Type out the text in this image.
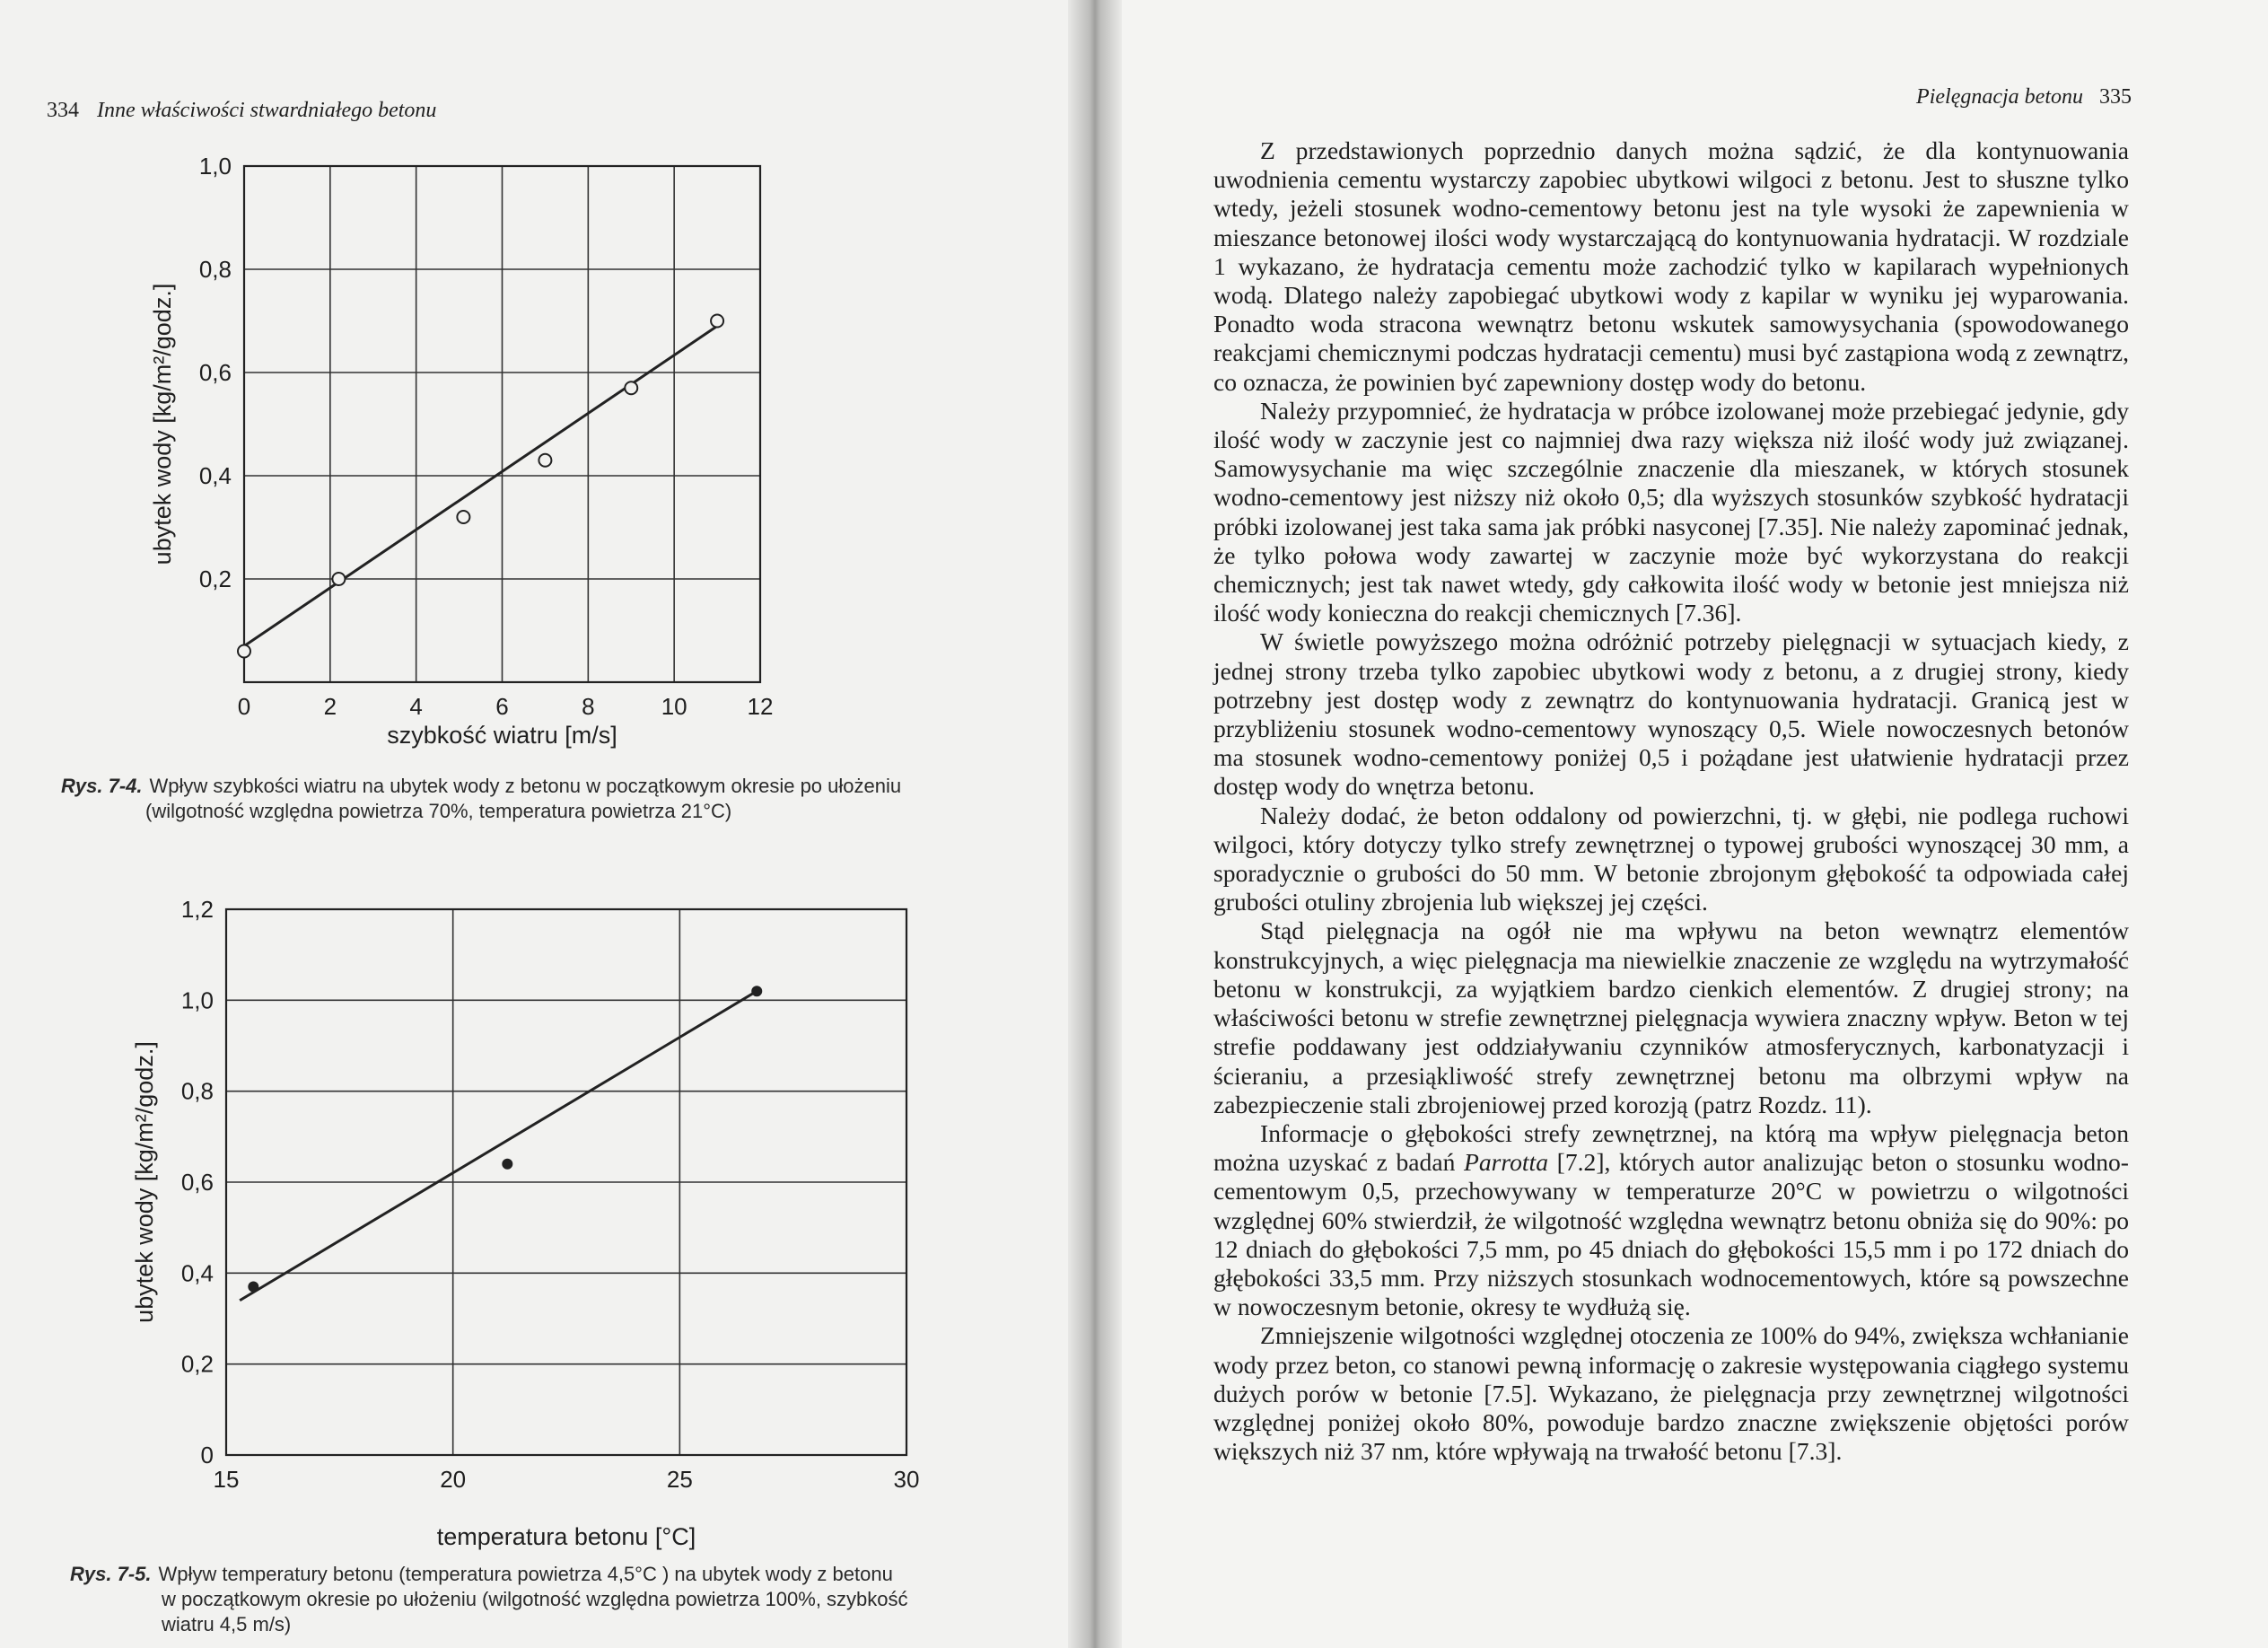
334 Inne właściwości stwardniałego betonu
Pielęgnacja betonu 335
0	2	4	6	8	10	12
0,2
0,4
0,6
0,8
1,0
szybkość wiatru [m/s]
ubytek wody [kg/m²/godz.]
Rys. 7-4. Wpływ szybkości wiatru na ubytek wody z betonu w początkowym okresie po ułożeniu
(wilgotność względna powietrza 70%, temperatura powietrza 21°C)
15	20	25	30
0
0,2
0,4
0,6
0,8
1,0
1,2
temperatura betonu [°C]
ubytek wody [kg/m²/godz.]
Rys. 7-5. Wpływ temperatury betonu (temperatura powietrza 4,5°C ) na ubytek wody z betonu
w początkowym okresie po ułożeniu (wilgotność względna powietrza 100%, szybkość
wiatru 4,5 m/s)

Z przedstawionych poprzednio danych można sądzić, że dla kontynuowania uwodnienia cementu wystarczy zapobiec ubytkowi wilgoci z betonu. Jest to słuszne tylko wtedy, jeżeli stosunek wodno-cementowy betonu jest na tyle wysoki że zapewnienia w mieszance betonowej ilości wody wystarczającą do kontynuowania hydratacji. W rozdziale 1 wykazano, że hydratacja cementu może zachodzić tylko w kapilarach wypełnionych wodą. Dlatego należy zapobiegać ubytkowi wody z kapilar w wyniku jej wyparowania. Ponadto woda stracona wewnątrz betonu wskutek samowysychania (spowodowanego reakcjami chemicznymi podczas hydratacji cementu) musi być zastąpiona wodą z zewnątrz, co oznacza, że powinien być zapewniony dostęp wody do betonu.

Należy przypomnieć, że hydratacja w próbce izolowanej może przebiegać jedynie, gdy ilość wody w zaczynie jest co najmniej dwa razy większa niż ilość wody już związanej. Samowysychanie ma więc szczególnie znaczenie dla mieszanek, w których stosunek wodno-cementowy jest niższy niż około 0,5; dla wyższych stosunków szybkość hydratacji próbki izolowanej jest taka sama jak próbki nasyconej [7.35]. Nie należy zapominać jednak, że tylko połowa wody zawartej w zaczynie może być wykorzystana do reakcji chemicznych; jest tak nawet wtedy, gdy całkowita ilość wody w betonie jest mniejsza niż ilość wody konieczna do reakcji chemicznych [7.36].

W świetle powyższego można odróżnić potrzeby pielęgnacji w sytuacjach kiedy, z jednej strony trzeba tylko zapobiec ubytkowi wody z betonu, a z drugiej strony, kiedy potrzebny jest dostęp wody z zewnątrz do kontynuowania hydratacji. Granicą jest w przybliżeniu stosunek wodno-cementowy wynoszący 0,5. Wiele nowoczesnych betonów ma stosunek wodno-cementowy poniżej 0,5 i pożądane jest ułatwienie hydratacji przez dostęp wody do wnętrza betonu.

Należy dodać, że beton oddalony od powierzchni, tj. w głębi, nie podlega ruchowi wilgoci, który dotyczy tylko strefy zewnętrznej o typowej grubości wynoszącej 30 mm, a sporadycznie o grubości do 50 mm. W betonie zbrojonym głębokość ta odpowiada całej grubości otuliny zbrojenia lub większej jej części.

Stąd pielęgnacja na ogół nie ma wpływu na beton wewnątrz elementów konstrukcyjnych, a więc pielęgnacja ma niewielkie znaczenie ze względu na wytrzymałość betonu w konstrukcji, za wyjątkiem bardzo cienkich elementów. Z drugiej strony; na właściwości betonu w strefie zewnętrznej pielęgnacja wywiera znaczny wpływ. Beton w tej strefie poddawany jest oddziaływaniu czynników atmosferycznych, karbonatyzacji i ścieraniu, a przesiąkliwość strefy zewnętrznej betonu ma olbrzymi wpływ na zabezpieczenie stali zbrojeniowej przed korozją (patrz Rozdz. 11).

Informacje o głębokości strefy zewnętrznej, na którą ma wpływ pielęgnacja beton można uzyskać z badań Parrotta [7.2], których autor analizując beton o stosunku wodno-cementowym 0,5, przechowywany w temperaturze 20°C w powietrzu o wilgotności względnej 60% stwierdził, że wilgotność względna wewnątrz betonu obniża się do 90%: po 12 dniach do głębokości 7,5 mm, po 45 dniach do głębokości 15,5 mm i po 172 dniach do głębokości 33,5 mm. Przy niższych stosunkach wodnocementowych, które są powszechne w nowoczesnym betonie, okresy te wydłużą się.

Zmniejszenie wilgotności względnej otoczenia ze 100% do 94%, zwiększa wchłanianie wody przez beton, co stanowi pewną informację o zakresie występowania ciągłego systemu dużych porów w betonie [7.5]. Wykazano, że pielęgnacja przy zewnętrznej wilgotności względnej poniżej około 80%, powoduje bardzo znaczne zwiększenie objętości porów większych niż 37 nm, które wpływają na trwałość betonu [7.3].
